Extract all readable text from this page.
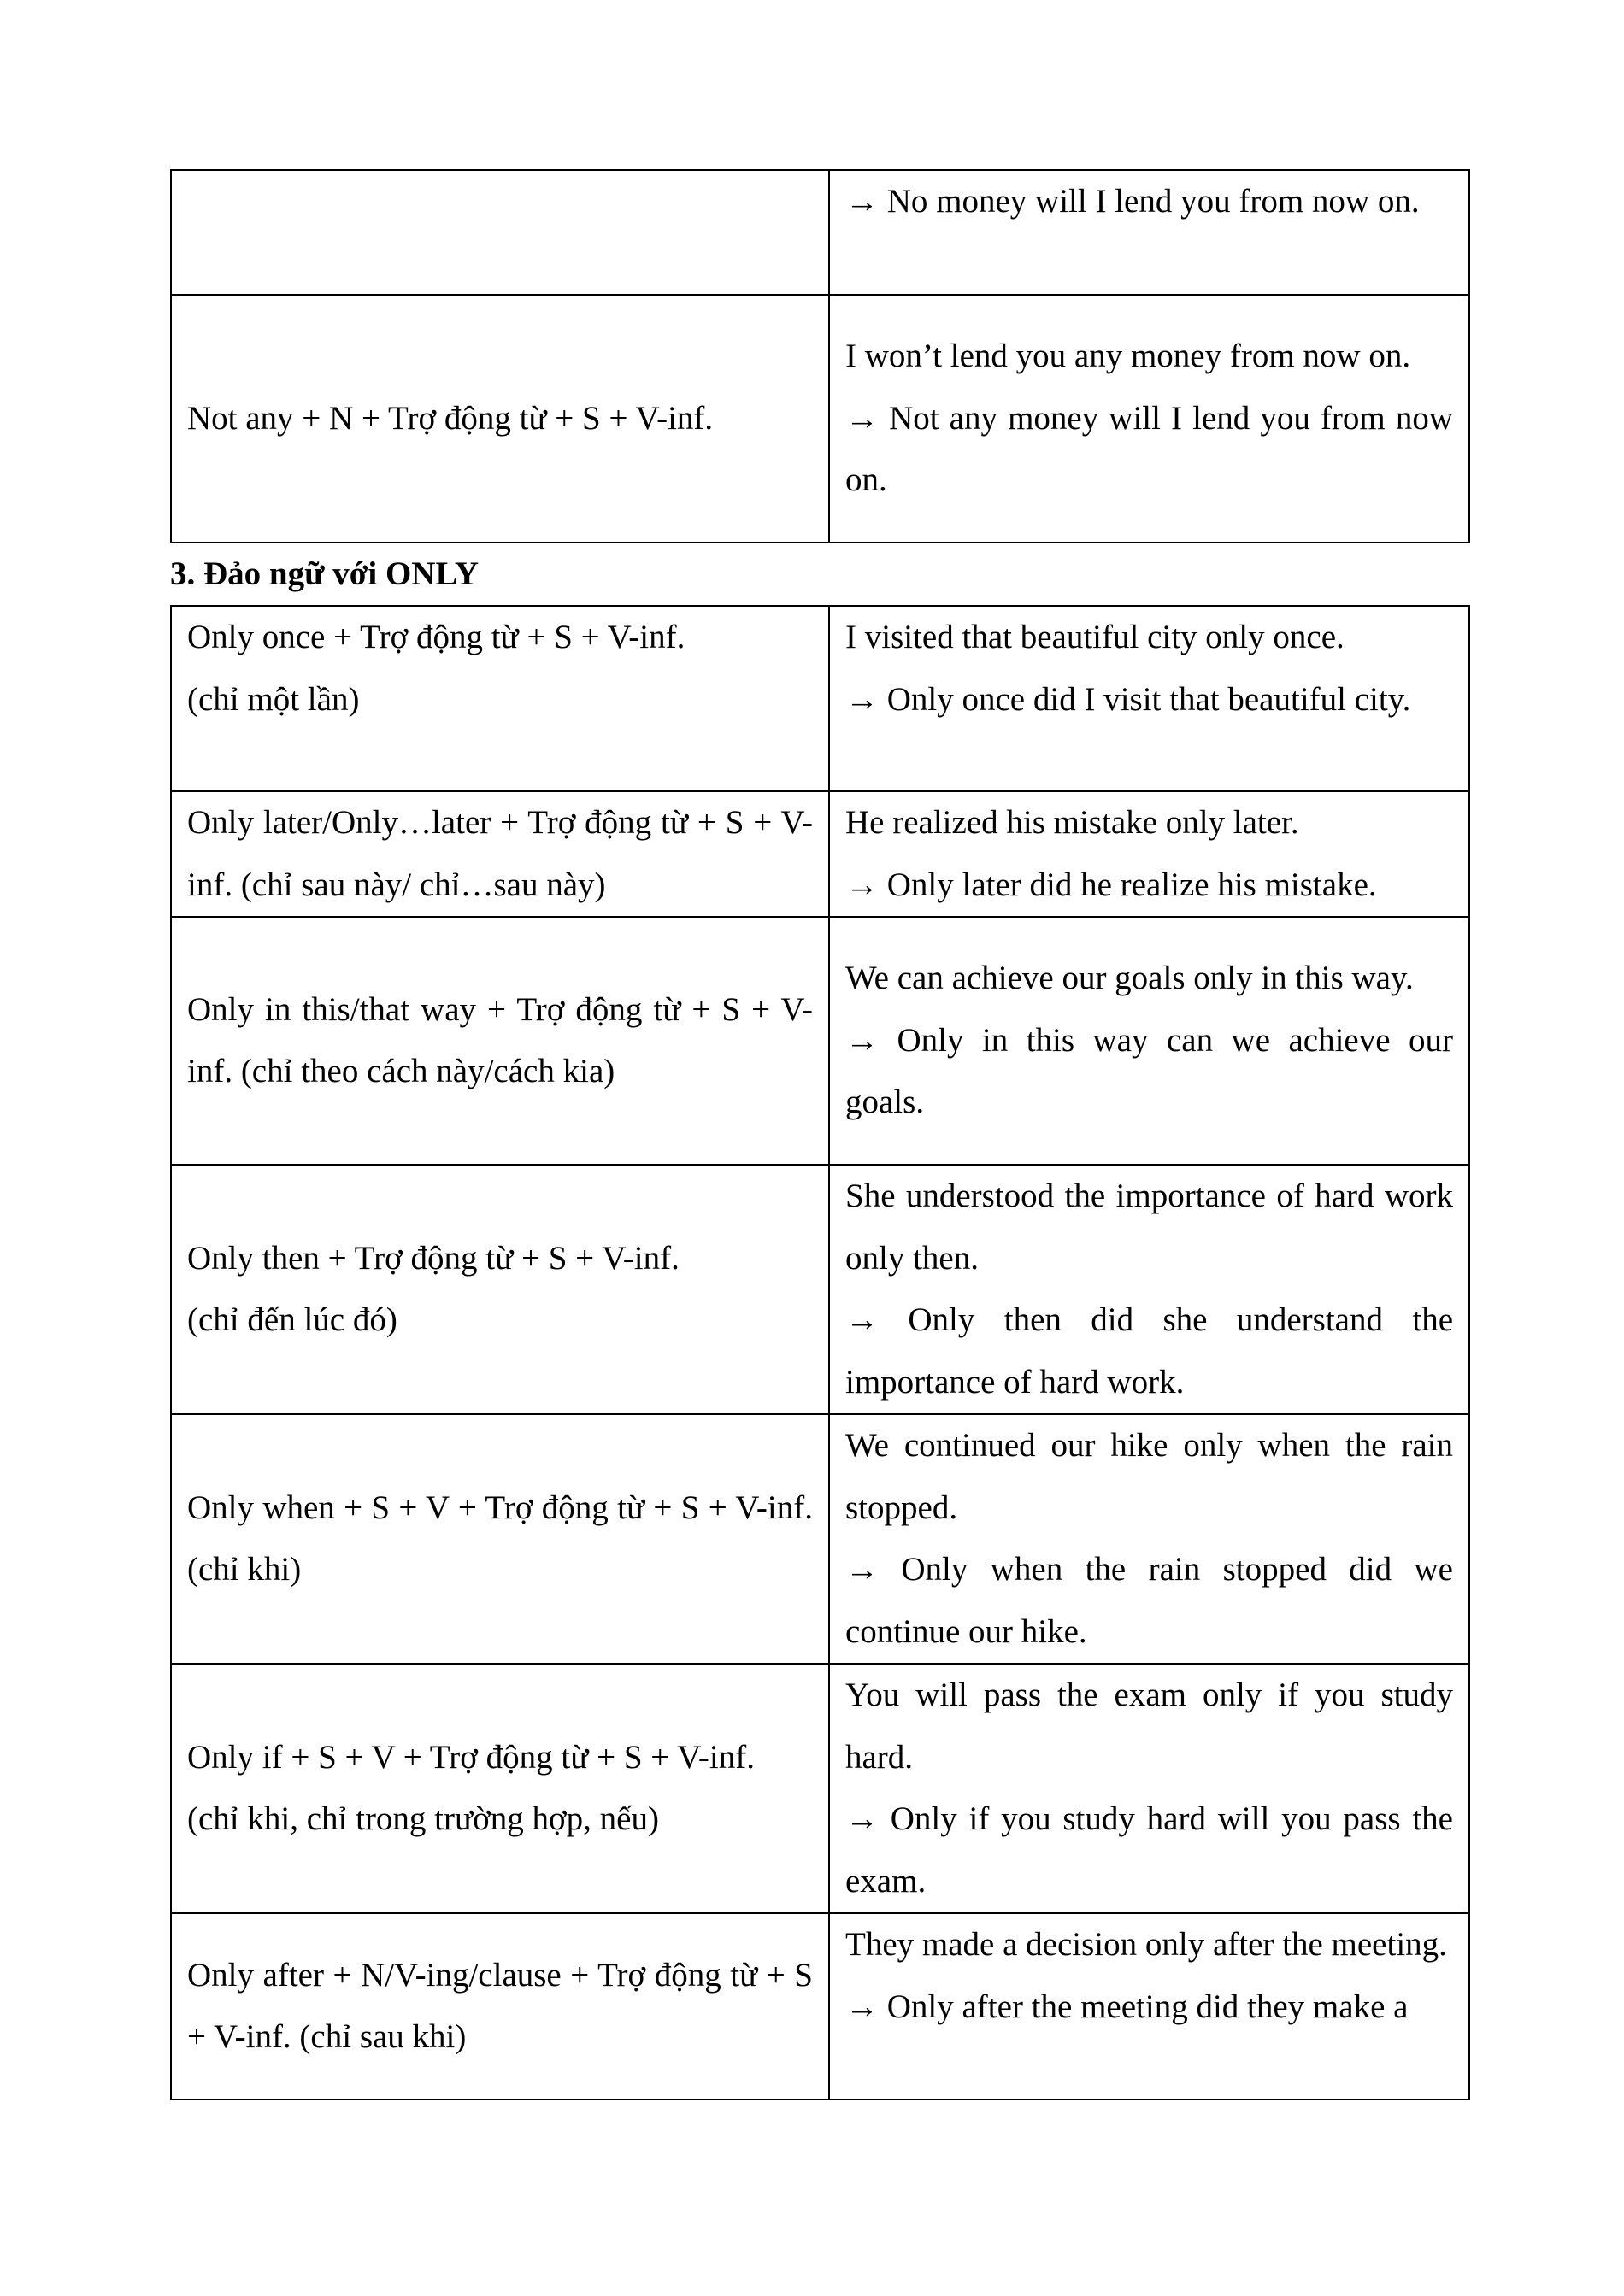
	→ No money will I lend you from now on.

Not any + N + Trợ động từ + S + V-inf.	I won’t lend you any money from now on.
→ Not any money will I lend you from now on.
3. Đảo ngữ với ONLY
Only once + Trợ động từ + S + V-inf.
(chỉ một lần)	I visited that beautiful city only once.
→ Only once did I visit that beautiful city.

Only later/Only…later + Trợ động từ + S + V-inf. (chỉ sau này/ chỉ…sau này)	He realized his mistake only later.
→ Only later did he realize his mistake.

Only in this/that way + Trợ động từ + S + V-inf. (chỉ theo cách này/cách kia)	We can achieve our goals only in this way.
→ Only in this way can we achieve our goals.

Only then + Trợ động từ + S + V-inf.
(chỉ đến lúc đó)	She understood the importance of hard work only then.
→ Only then did she understand the importance of hard work.

Only when + S + V + Trợ động từ + S + V-inf. (chỉ khi)	We continued our hike only when the rain stopped.
→ Only when the rain stopped did we continue our hike.

Only if + S + V + Trợ động từ + S + V-inf.
(chỉ khi, chỉ trong trường hợp, nếu)	You will pass the exam only if you study hard.
→ Only if you study hard will you pass the exam.

Only after + N/V-ing/clause + Trợ động từ + S + V-inf. (chỉ sau khi)	They made a decision only after the meeting.
→ Only after the meeting did they make a
